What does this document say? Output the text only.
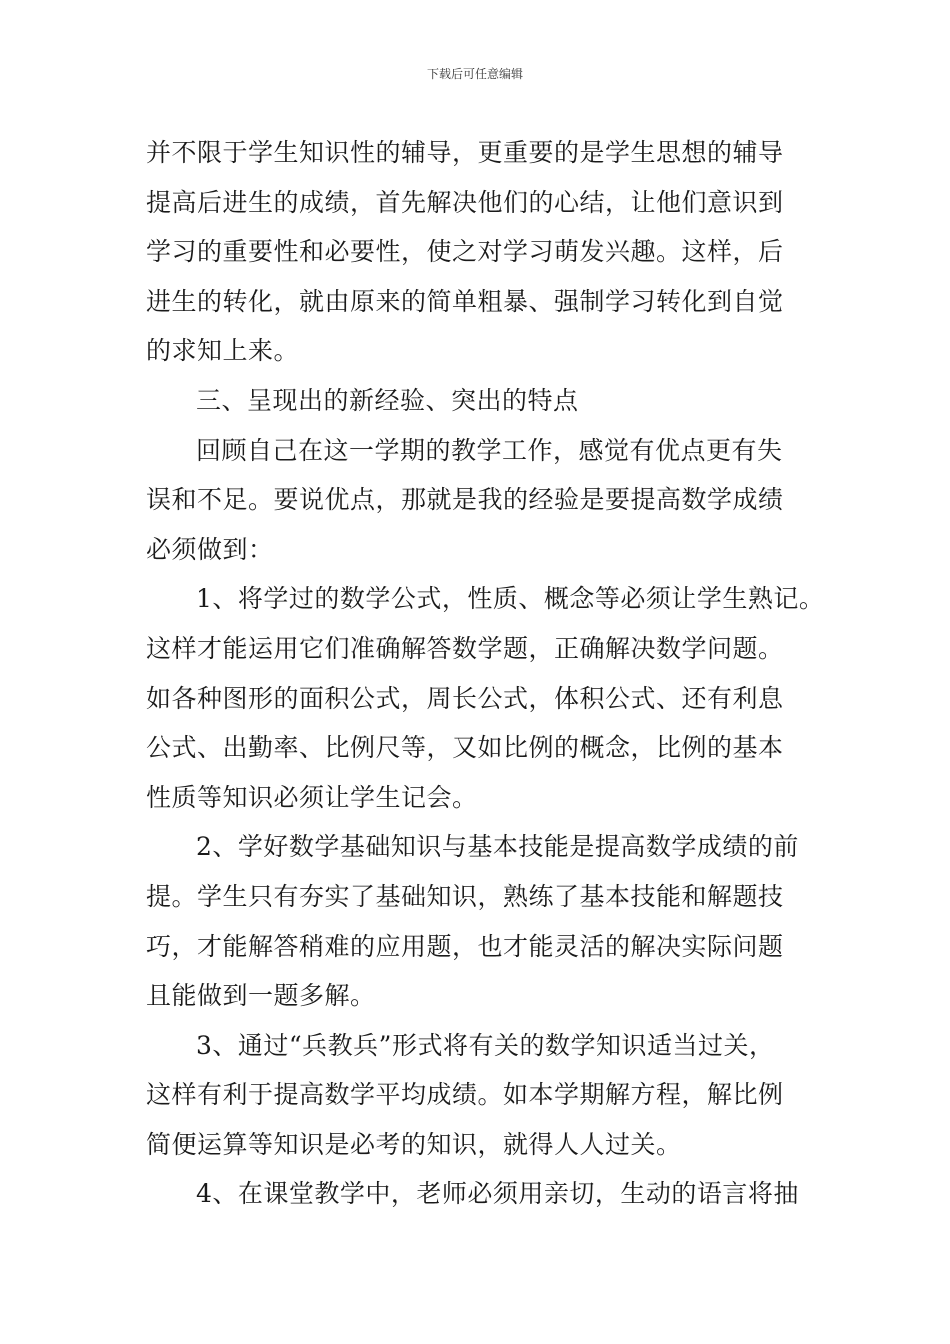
下载后可任意编辑
并不限于学生知识性的辅导，更重要的是学生思想的辅导
提高后进生的成绩，首先解决他们的心结，让他们意识到
学习的重要性和必要性，使之对学习萌发兴趣。这样，后
进生的转化，就由原来的简单粗暴、强制学习转化到自觉
的求知上来。
三、呈现出的新经验、突出的特点
回顾自己在这一学期的教学工作，感觉有优点更有失
误和不足。要说优点，那就是我的经验是要提高数学成绩
必须做到：
1、将学过的数学公式，性质、概念等必须让学生熟记。
这样才能运用它们准确解答数学题，正确解决数学问题。
如各种图形的面积公式，周长公式，体积公式、还有利息
公式、出勤率、比例尺等，又如比例的概念，比例的基本
性质等知识必须让学生记会。
2、学好数学基础知识与基本技能是提高数学成绩的前
提。学生只有夯实了基础知识，熟练了基本技能和解题技
巧，才能解答稍难的应用题，也才能灵活的解决实际问题
且能做到一题多解。
3、通过“兵教兵”形式将有关的数学知识适当过关，
这样有利于提高数学平均成绩。如本学期解方程，解比例
简便运算等知识是必考的知识，就得人人过关。
4、在课堂教学中，老师必须用亲切，生动的语言将抽
